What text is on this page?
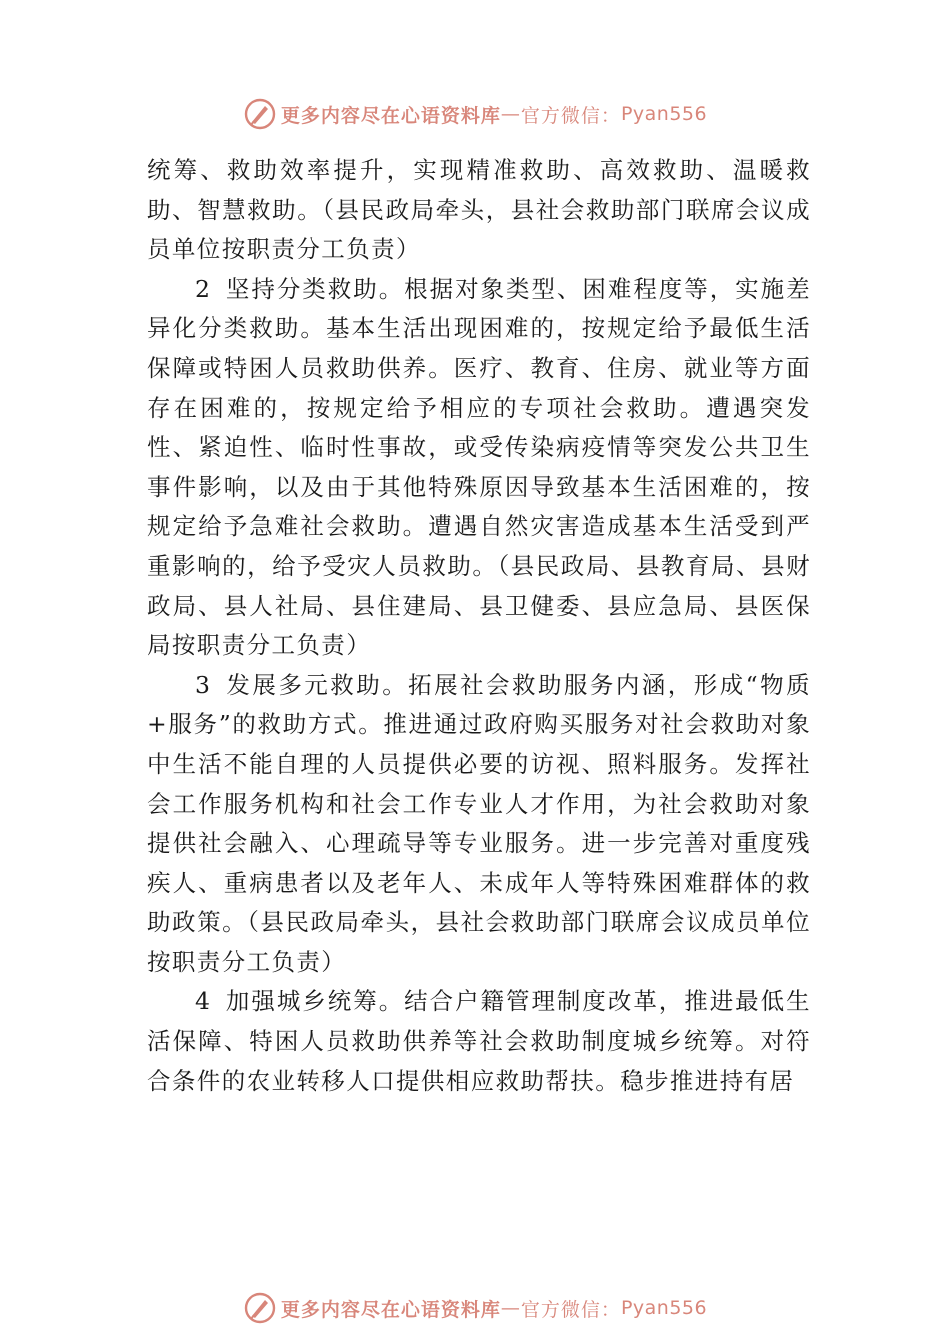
更多内容尽在心语资料库 — 官方微信： Pyan556

统筹、救助效率提升，实现精准救助、高效救助、温暖救助、智慧救助。（县民政局牵头，县社会救助部门联席会议成员单位按职责分工负责）

2 坚持分类救助。根据对象类型、困难程度等，实施差异化分类救助。基本生活出现困难的，按规定给予最低生活保障或特困人员救助供养。医疗、教育、住房、就业等方面存在困难的，按规定给予相应的专项社会救助。遭遇突发性、紧迫性、临时性事故，或受传染病疫情等突发公共卫生事件影响，以及由于其他特殊原因导致基本生活困难的，按规定给予急难社会救助。遭遇自然灾害造成基本生活受到严重影响的，给予受灾人员救助。（县民政局、县教育局、县财政局、县人社局、县住建局、县卫健委、县应急局、县医保局按职责分工负责）

3 发展多元救助。拓展社会救助服务内涵，形成“物质+服务”的救助方式。推进通过政府购买服务对社会救助对象中生活不能自理的人员提供必要的访视、照料服务。发挥社会工作服务机构和社会工作专业人才作用，为社会救助对象提供社会融入、心理疏导等专业服务。进一步完善对重度残疾人、重病患者以及老年人、未成年人等特殊困难群体的救助政策。（县民政局牵头，县社会救助部门联席会议成员单位按职责分工负责）

4 加强城乡统筹。结合户籍管理制度改革，推进最低生活保障、特困人员救助供养等社会救助制度城乡统筹。对符合条件的农业转移人口提供相应救助帮扶。稳步推进持有居

更多内容尽在心语资料库 — 官方微信： Pyan556
